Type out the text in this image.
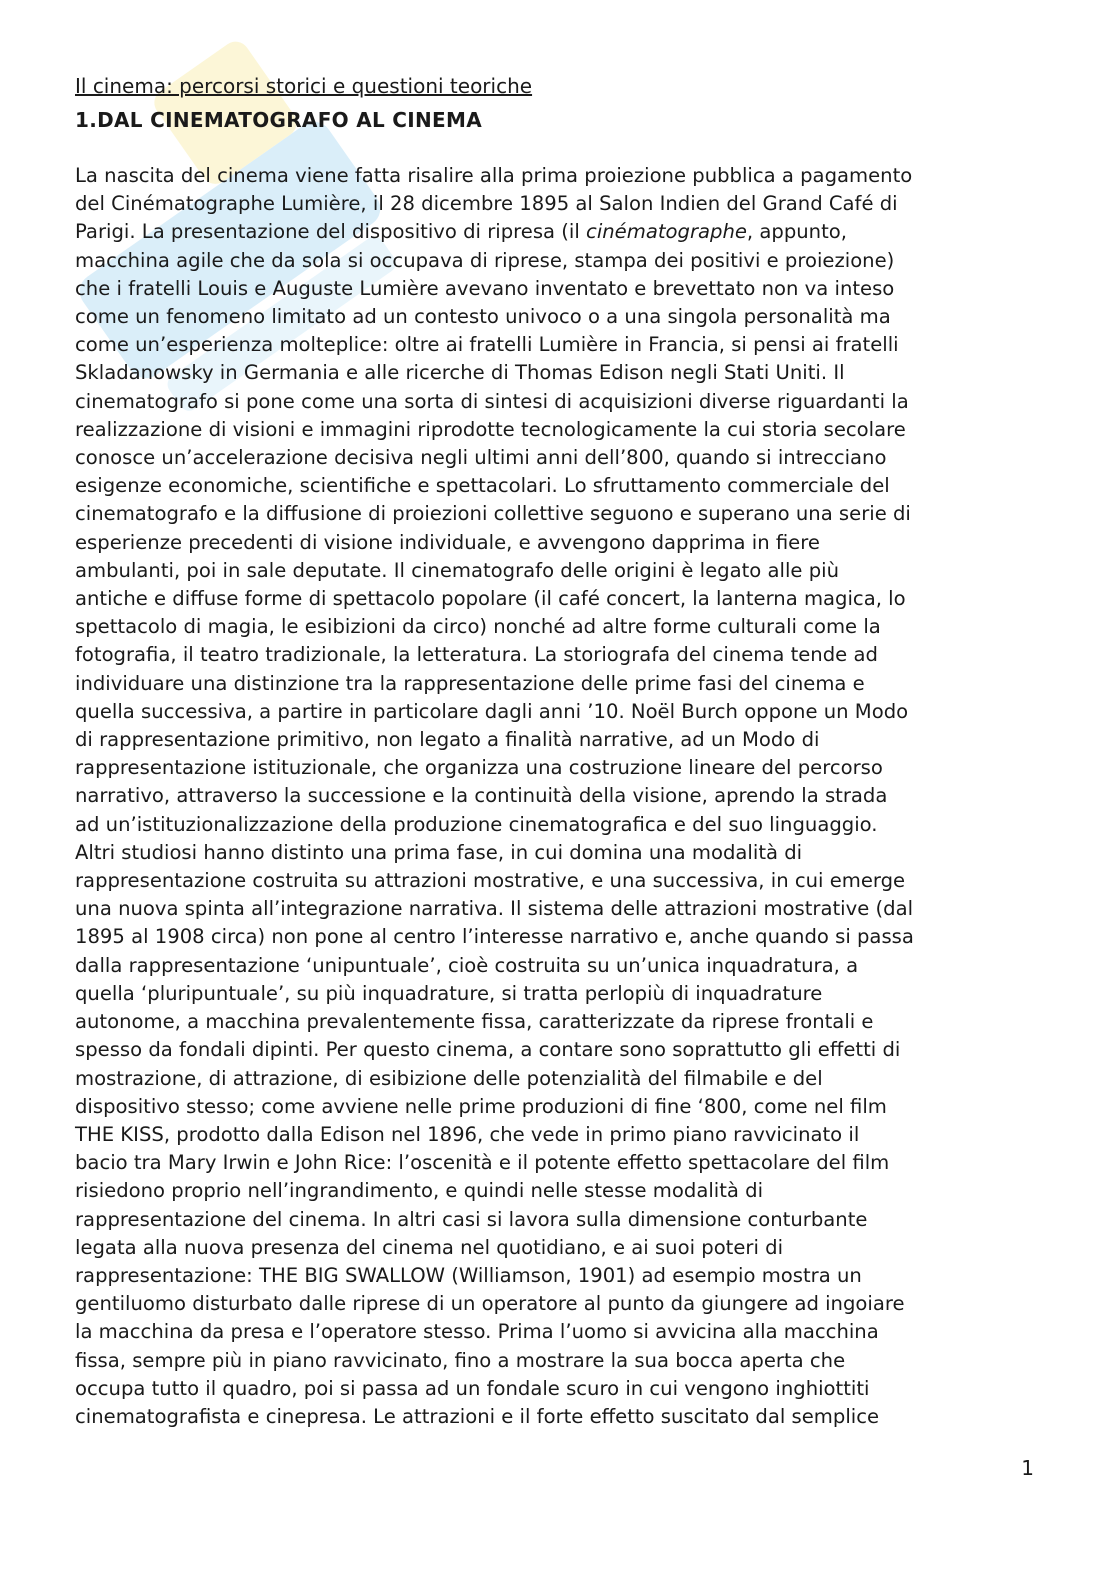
Il cinema: percorsi storici e questioni teoriche
1.DAL CINEMATOGRAFO AL CINEMA
La nascita del cinema viene fatta risalire alla prima proiezione pubblica a pagamento
del Cinématographe Lumière, il 28 dicembre 1895 al Salon Indien del Grand Café di
Parigi. La presentazione del dispositivo di ripresa (il cinématographe, appunto,
macchina agile che da sola si occupava di riprese, stampa dei positivi e proiezione)
che i fratelli Louis e Auguste Lumière avevano inventato e brevettato non va inteso
come un fenomeno limitato ad un contesto univoco o a una singola personalità ma
come un’esperienza molteplice: oltre ai fratelli Lumière in Francia, si pensi ai fratelli
Skladanowsky in Germania e alle ricerche di Thomas Edison negli Stati Uniti. Il
cinematografo si pone come una sorta di sintesi di acquisizioni diverse riguardanti la
realizzazione di visioni e immagini riprodotte tecnologicamente la cui storia secolare
conosce un’accelerazione decisiva negli ultimi anni dell’800, quando si intrecciano
esigenze economiche, scientifiche e spettacolari. Lo sfruttamento commerciale del
cinematografo e la diffusione di proiezioni collettive seguono e superano una serie di
esperienze precedenti di visione individuale, e avvengono dapprima in fiere
ambulanti, poi in sale deputate. Il cinematografo delle origini è legato alle più
antiche e diffuse forme di spettacolo popolare (il café concert, la lanterna magica, lo
spettacolo di magia, le esibizioni da circo) nonché ad altre forme culturali come la
fotografia, il teatro tradizionale, la letteratura. La storiografa del cinema tende ad
individuare una distinzione tra la rappresentazione delle prime fasi del cinema e
quella successiva, a partire in particolare dagli anni ’10. Noël Burch oppone un Modo
di rappresentazione primitivo, non legato a finalità narrative, ad un Modo di
rappresentazione istituzionale, che organizza una costruzione lineare del percorso
narrativo, attraverso la successione e la continuità della visione, aprendo la strada
ad un’istituzionalizzazione della produzione cinematografica e del suo linguaggio.
Altri studiosi hanno distinto una prima fase, in cui domina una modalità di
rappresentazione costruita su attrazioni mostrative, e una successiva, in cui emerge
una nuova spinta all’integrazione narrativa. Il sistema delle attrazioni mostrative (dal
1895 al 1908 circa) non pone al centro l’interesse narrativo e, anche quando si passa
dalla rappresentazione ‘unipuntuale’, cioè costruita su un’unica inquadratura, a
quella ‘pluripuntuale’, su più inquadrature, si tratta perlopiù di inquadrature
autonome, a macchina prevalentemente fissa, caratterizzate da riprese frontali e
spesso da fondali dipinti. Per questo cinema, a contare sono soprattutto gli effetti di
mostrazione, di attrazione, di esibizione delle potenzialità del filmabile e del
dispositivo stesso; come avviene nelle prime produzioni di fine ‘800, come nel film
THE KISS, prodotto dalla Edison nel 1896, che vede in primo piano ravvicinato il
bacio tra Mary Irwin e John Rice: l’oscenità e il potente effetto spettacolare del film
risiedono proprio nell’ingrandimento, e quindi nelle stesse modalità di
rappresentazione del cinema. In altri casi si lavora sulla dimensione conturbante
legata alla nuova presenza del cinema nel quotidiano, e ai suoi poteri di
rappresentazione: THE BIG SWALLOW (Williamson, 1901) ad esempio mostra un
gentiluomo disturbato dalle riprese di un operatore al punto da giungere ad ingoiare
la macchina da presa e l’operatore stesso. Prima l’uomo si avvicina alla macchina
fissa, sempre più in piano ravvicinato, fino a mostrare la sua bocca aperta che
occupa tutto il quadro, poi si passa ad un fondale scuro in cui vengono inghiottiti
cinematografista e cinepresa. Le attrazioni e il forte effetto suscitato dal semplice
1
